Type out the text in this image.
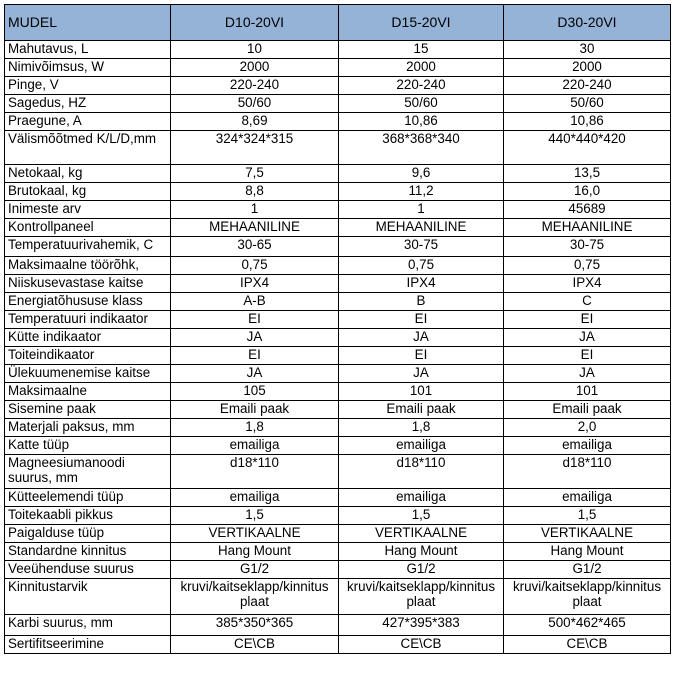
MUDEL	D10-20VI	D15-20VI	D30-20VI
Mahutavus, L	10	15	30
Nimivõimsus, W	2000	2000	2000
Pinge, V	220-240	220-240	220-240
Sagedus, HZ	50/60	50/60	50/60
Praegune, A	8,69	10,86	10,86
Välismõõtmed K/L/D,mm	324*324*315	368*368*340	440*440*420
Netokaal, kg	7,5	9,6	13,5
Brutokaal, kg	8,8	11,2	16,0
Inimeste arv	1	1	45689
Kontrollpaneel	MEHAANILINE	MEHAANILINE	MEHAANILINE
Temperatuurivahemik, C	30-65	30-75	30-75
Maksimaalne töörõhk,	0,75	0,75	0,75
Niiskusevastase kaitse	IPX4	IPX4	IPX4
Energiatõhususe klass	A-B	B	C
Temperatuuri indikaator	EI	EI	EI
Kütte indikaator	JA	JA	JA
Toiteindikaator	EI	EI	EI
Ülekuumenemise kaitse	JA	JA	JA
Maksimaalne	105	101	101
Sisemine paak	Emaili paak	Emaili paak	Emaili paak
Materjali paksus, mm	1,8	1,8	2,0
Katte tüüp	emailiga	emailiga	emailiga
Magneesiumanoodi suurus, mm	d18*110	d18*110	d18*110
Kütteelemendi tüüp	emailiga	emailiga	emailiga
Toitekaabli pikkus	1,5	1,5	1,5
Paigalduse tüüp	VERTIKAALNE	VERTIKAALNE	VERTIKAALNE
Standardne kinnitus	Hang Mount	Hang Mount	Hang Mount
Veeühenduse suurus	G1/2	G1/2	G1/2
Kinnitustarvik	kruvi/kaitseklapp/kinnitus plaat	kruvi/kaitseklapp/kinnitus plaat	kruvi/kaitseklapp/kinnitus plaat
Karbi suurus, mm	385*350*365	427*395*383	500*462*465
Sertifitseerimine	CE\CB	CE\CB	CE\CB
